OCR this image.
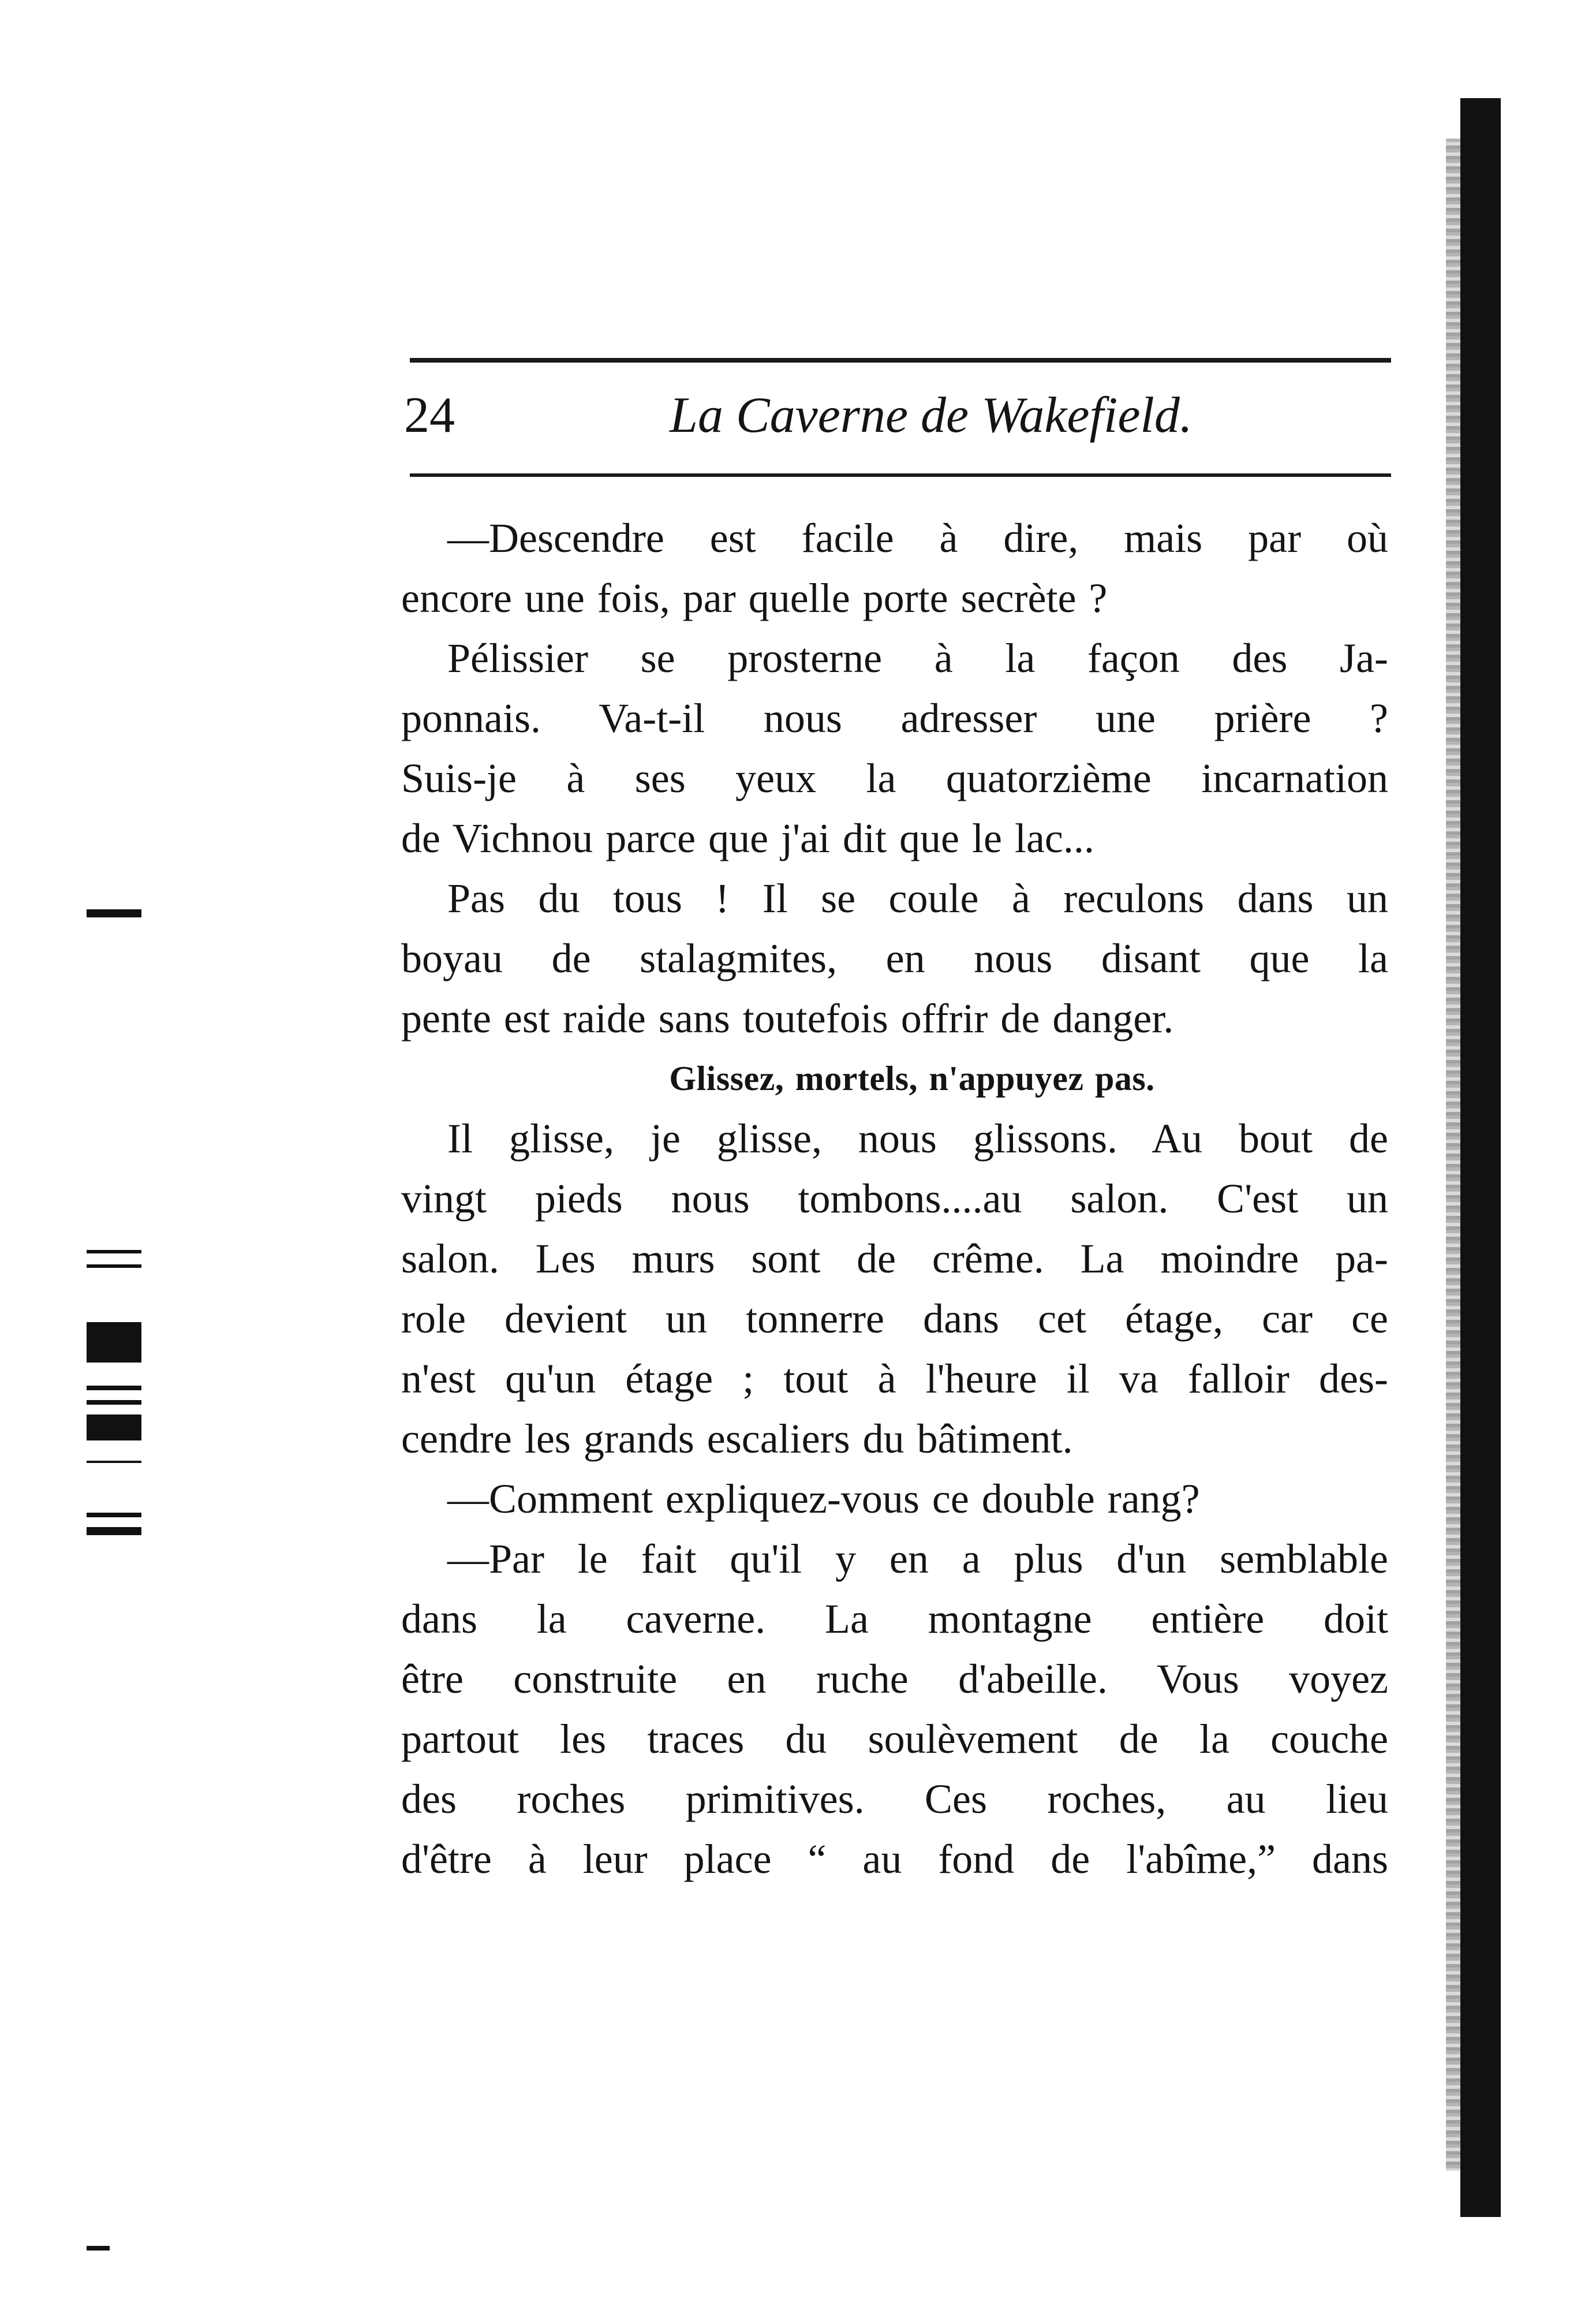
24	La Caverne de Wakefield.

—Descendre est facile à dire, mais par où
encore une fois, par quelle porte secrète ?

Pélissier se prosterne à la façon des Ja-
ponnais. Va-t-il nous adresser une prière ?
Suis-je à ses yeux la quatorzième incarnation
de Vichnou parce que j'ai dit que le lac...

Pas du tous ! Il se coule à reculons dans un
boyau de stalagmites, en nous disant que la
pente est raide sans toutefois offrir de danger.

Glissez, mortels, n'appuyez pas.

Il glisse, je glisse, nous glissons. Au bout de
vingt pieds nous tombons....au salon. C'est un
salon. Les murs sont de crême. La moindre pa-
role devient un tonnerre dans cet étage, car ce
n'est qu'un étage ; tout à l'heure il va falloir des-
cendre les grands escaliers du bâtiment.

—Comment expliquez-vous ce double rang?

—Par le fait qu'il y en a plus d'un semblable
dans la caverne. La montagne entière doit
être construite en ruche d'abeille. Vous voyez
partout les traces du soulèvement de la couche
des roches primitives. Ces roches, au lieu
d'être à leur place “ au fond de l'abîme,” dans
